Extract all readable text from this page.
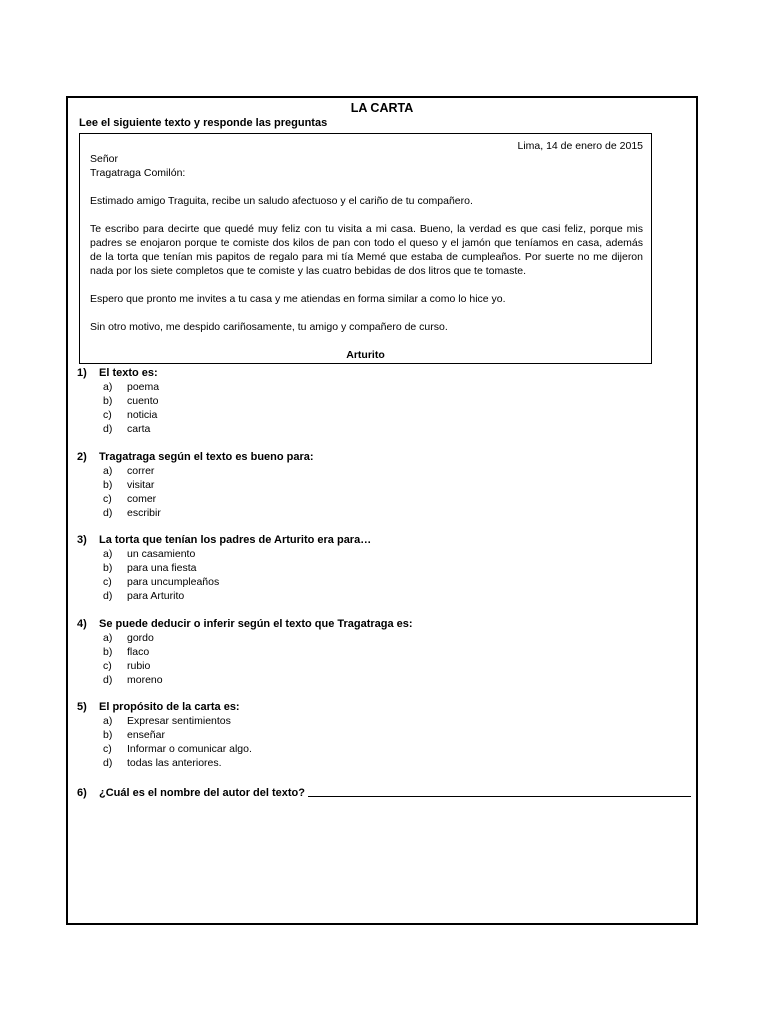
LA CARTA
Lee el siguiente texto y responde las preguntas
Lima, 14 de enero de 2015
Señor
Tragatraga Comilón:
Estimado amigo Traguita, recibe un saludo afectuoso y el cariño de tu compañero.
Te escribo para decirte que quedé muy feliz con tu visita a mi casa. Bueno, la verdad es que casi feliz, porque mis padres se enojaron porque te comiste dos kilos de pan con todo el queso y el jamón que teníamos en casa, además de la torta que tenían mis papitos de regalo para mi tía Memé que estaba de cumpleaños. Por suerte no me dijeron nada por los siete completos que te comiste y las cuatro bebidas de dos litros que te tomaste.
Espero que pronto me invites a tu casa y me atiendas en forma similar a como lo hice yo.
Sin otro motivo, me despido cariñosamente, tu amigo y compañero de curso.
Arturito
1)	El texto es:
a)	poema
b)	cuento
c)	noticia
d)	carta
2)	Tragatraga según el texto es bueno para:
a)	correr
b)	visitar
c)	comer
d)	escribir
3)	La torta que tenían los padres de Arturito era para…
a)	un casamiento
b)	para una fiesta
c)	para uncumpleaños
d)	para Arturito
4)	Se puede deducir o inferir según el texto que Tragatraga es:
a)	gordo
b)	flaco
c)	rubio
d)	moreno
5)	El propósito de la carta es:
a)	Expresar sentimientos
b)	enseñar
c)	Informar o comunicar algo.
d)	todas las anteriores.
6)	¿Cuál es el nombre del autor del texto?
